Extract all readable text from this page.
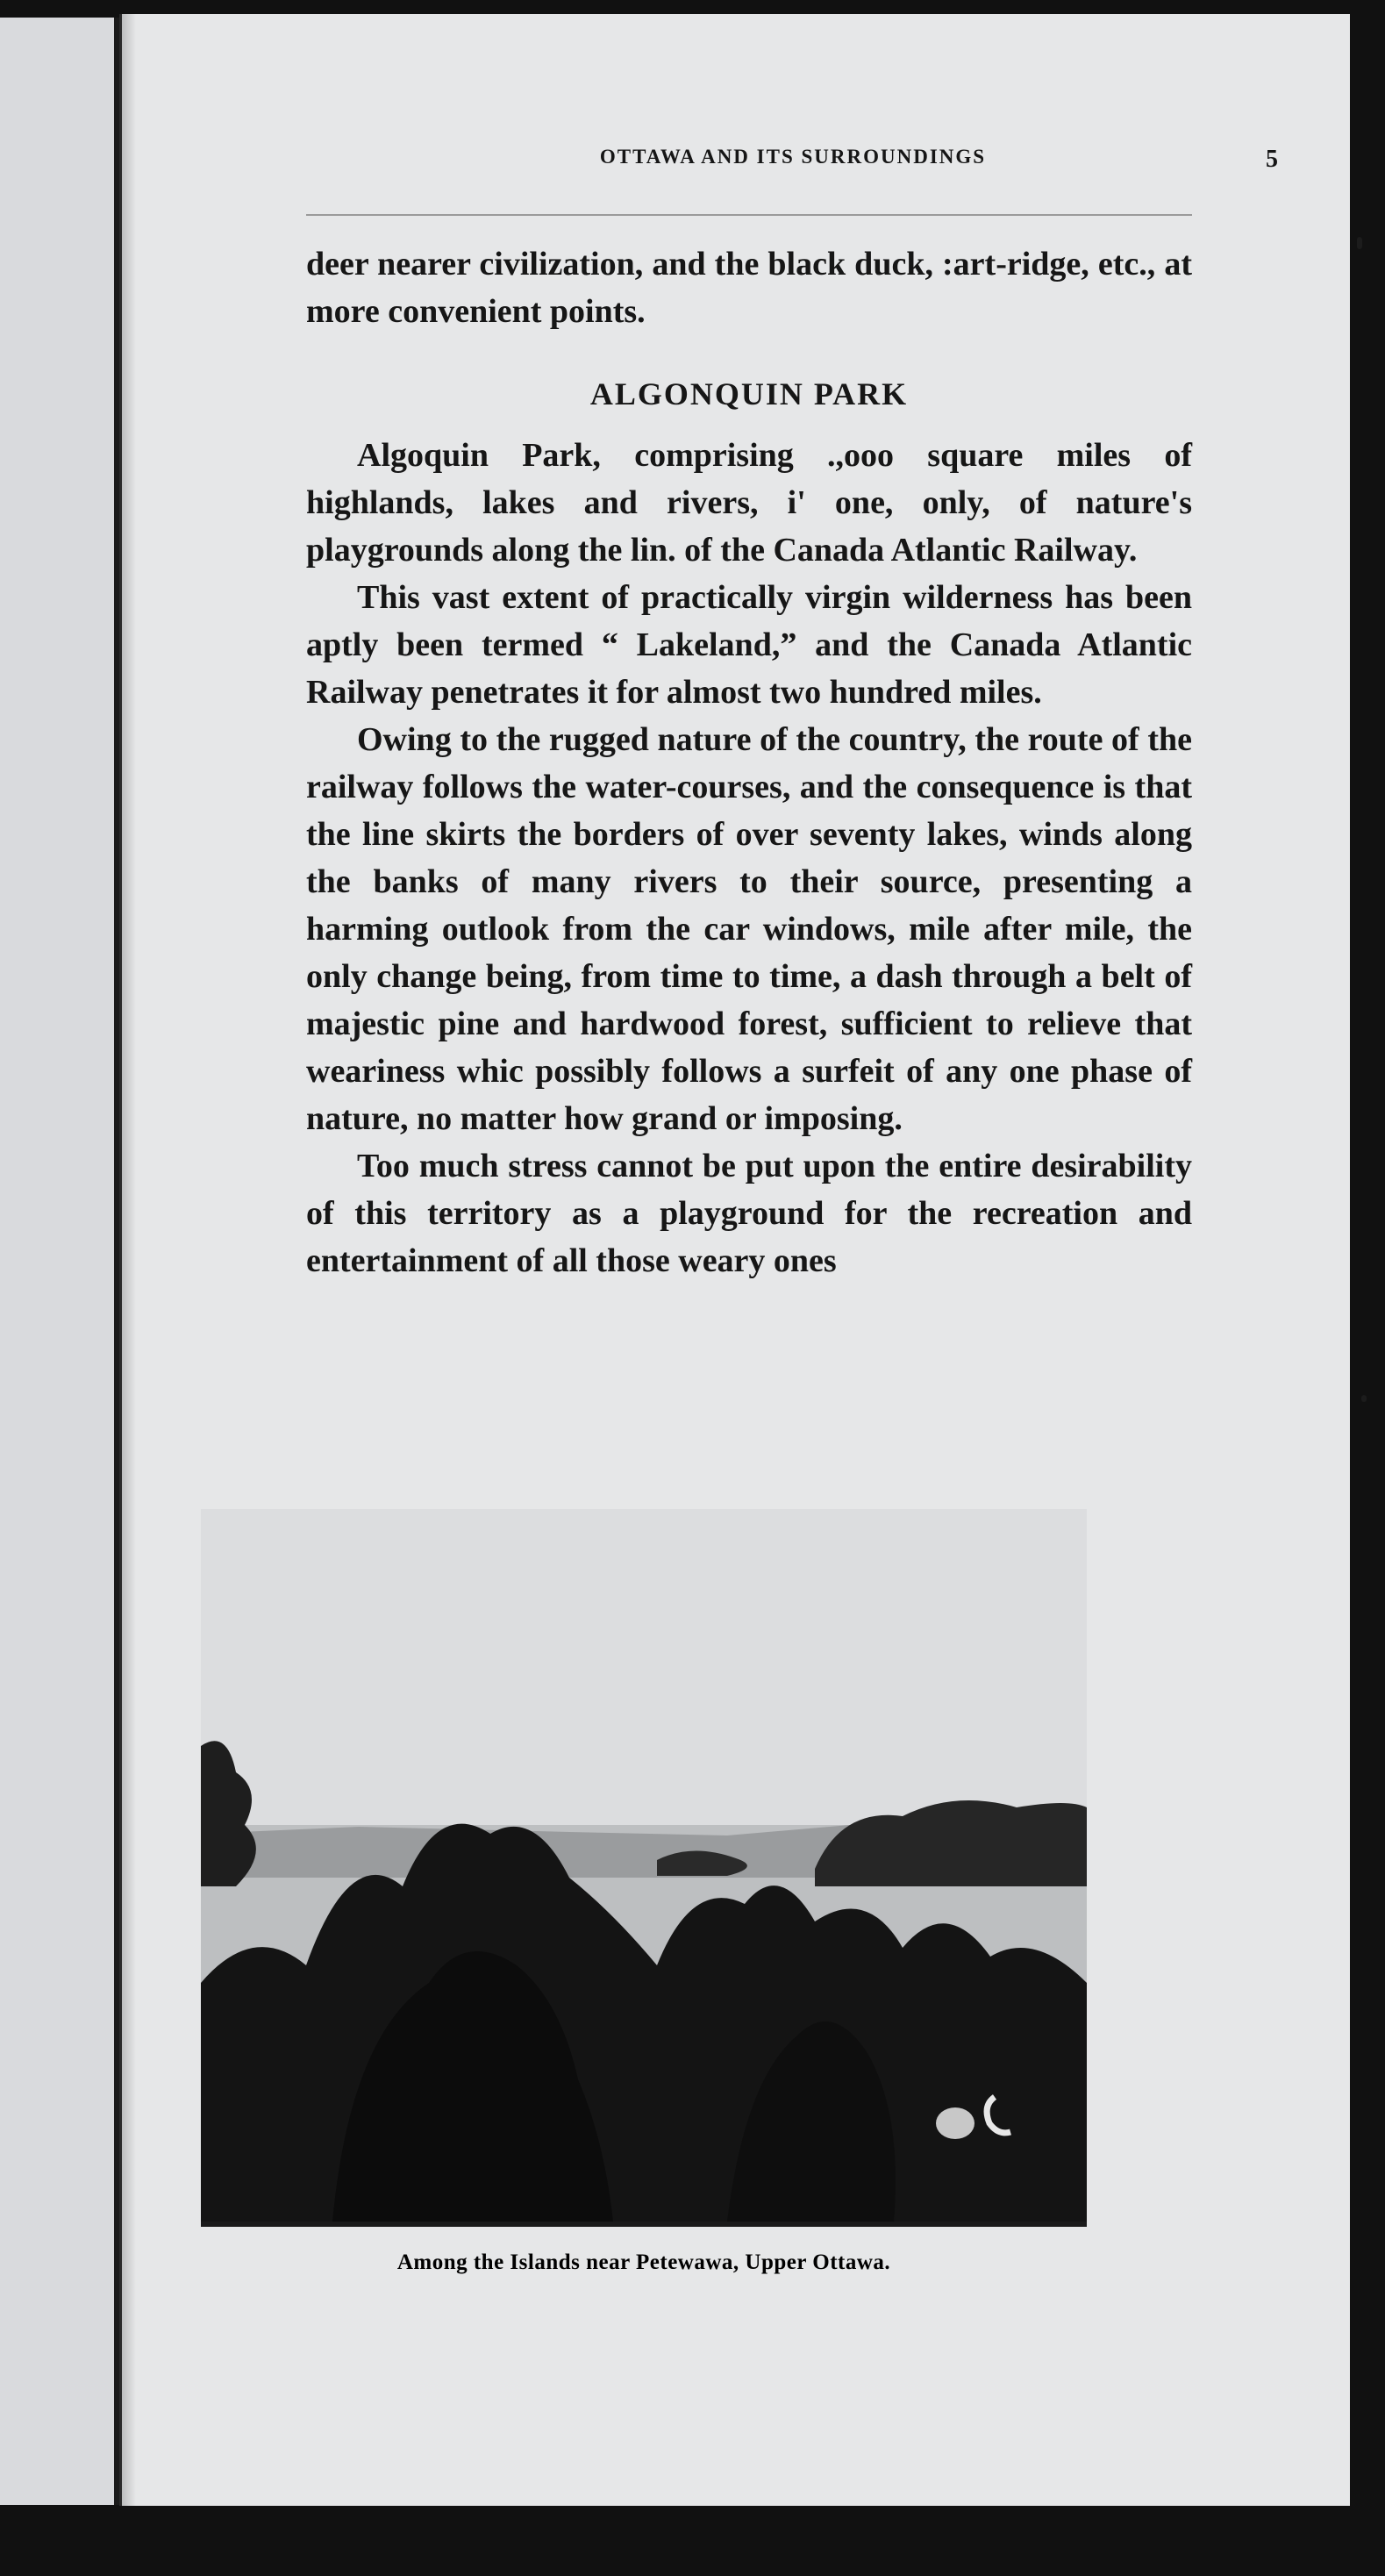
OTTAWA AND ITS SURROUNDINGS	5

deer nearer civilization, and the black duck, :art-ridge, etc., at more convenient points.

ALGONQUIN PARK

Algoquin Park, comprising .,ooo square miles of highlands, lakes and rivers, i' one, only, of nature's playgrounds along the lin. of the Canada Atlantic Railway.

This vast extent of practically virgin wilderness has been aptly been termed “ Lakeland,” and the Canada Atlantic Railway penetrates it for almost two hundred miles.

Owing to the rugged nature of the country, the route of the railway follows the water-courses, and the consequence is that the line skirts the borders of over seventy lakes, winds along the banks of many rivers to their source, presenting a harming outlook from the car windows, mile after mile, the only change being, from time to time, a dash through a belt of majestic pine and hardwood forest, sufficient to relieve that weariness whic possibly follows a surfeit of any one phase of nature, no matter how grand or imposing.

Too much stress cannot be put upon the entire desirability of this territory as a playground for the recreation and entertainment of all those weary ones

Among the Islands near Petewawa, Upper Ottawa.
